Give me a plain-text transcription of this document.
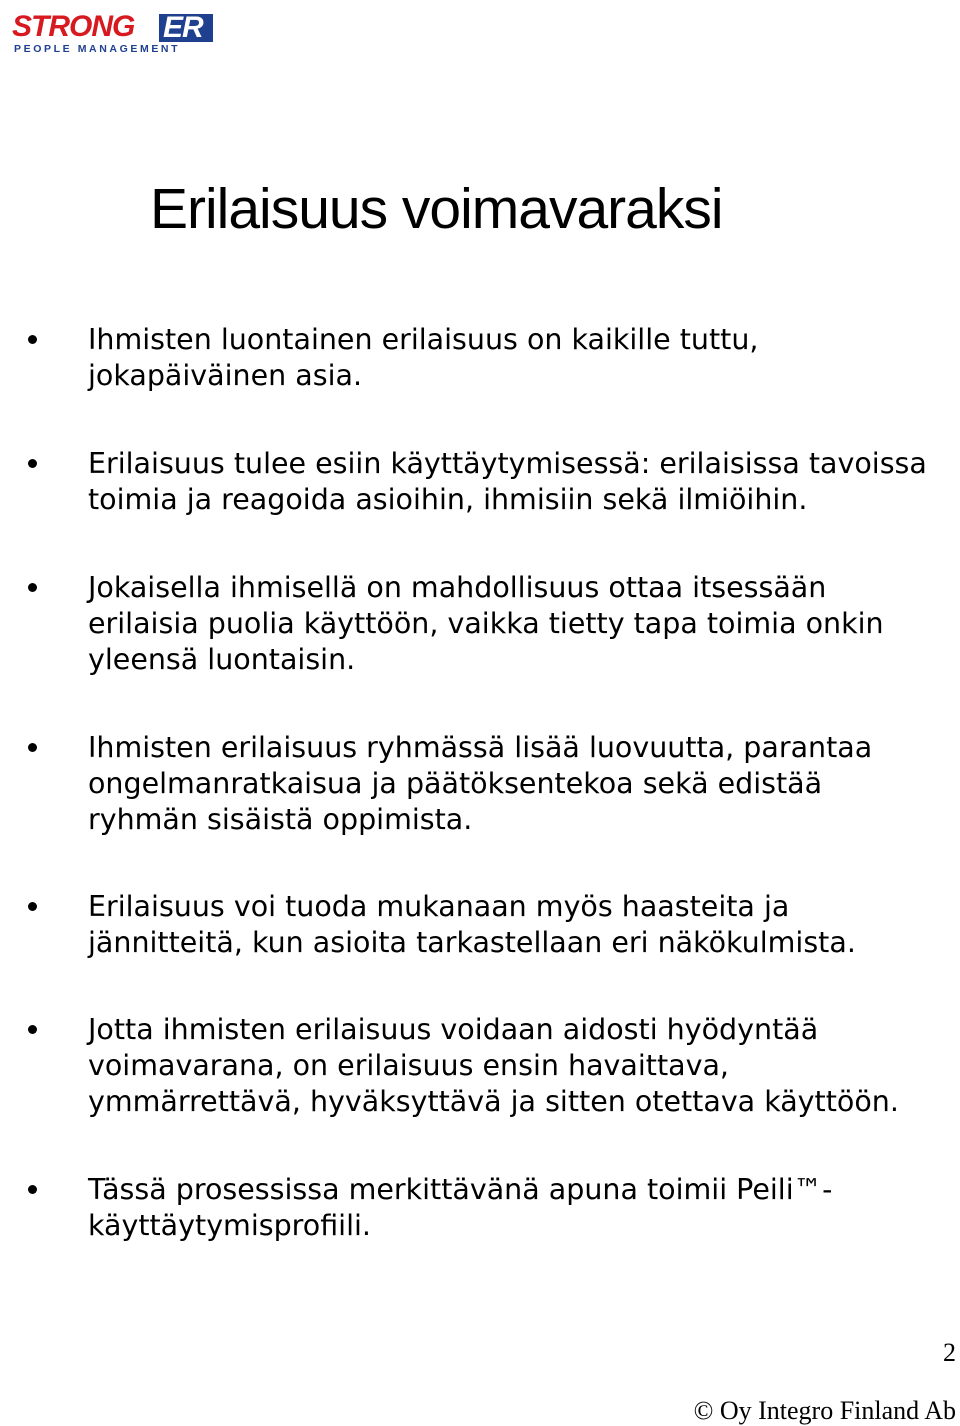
STRONG ER
PEOPLE MANAGEMENT
Erilaisuus voimavaraksi
Ihmisten luontainen erilaisuus on kaikille tuttu, jokapäiväinen asia.
Erilaisuus tulee esiin käyttäytymisessä: erilaisissa tavoissa toimia ja reagoida asioihin, ihmisiin sekä ilmiöihin.
Jokaisella ihmisellä on mahdollisuus ottaa itsessään erilaisia puolia käyttöön, vaikka tietty tapa toimia onkin yleensä luontaisin.
Ihmisten erilaisuus ryhmässä lisää luovuutta, parantaa ongelmanratkaisua ja päätöksentekoa sekä edistää ryhmän sisäistä oppimista.
Erilaisuus voi tuoda mukanaan myös haasteita ja jännitteitä, kun asioita tarkastellaan eri näkökulmista.
Jotta ihmisten erilaisuus voidaan aidosti hyödyntää voimavarana, on erilaisuus ensin havaittava, ymmärrettävä, hyväksyttävä ja sitten otettava käyttöön.
Tässä prosessissa merkittävänä apuna toimii Peili™-käyttäytymisprofiili.
2
© Oy Integro Finland Ab
